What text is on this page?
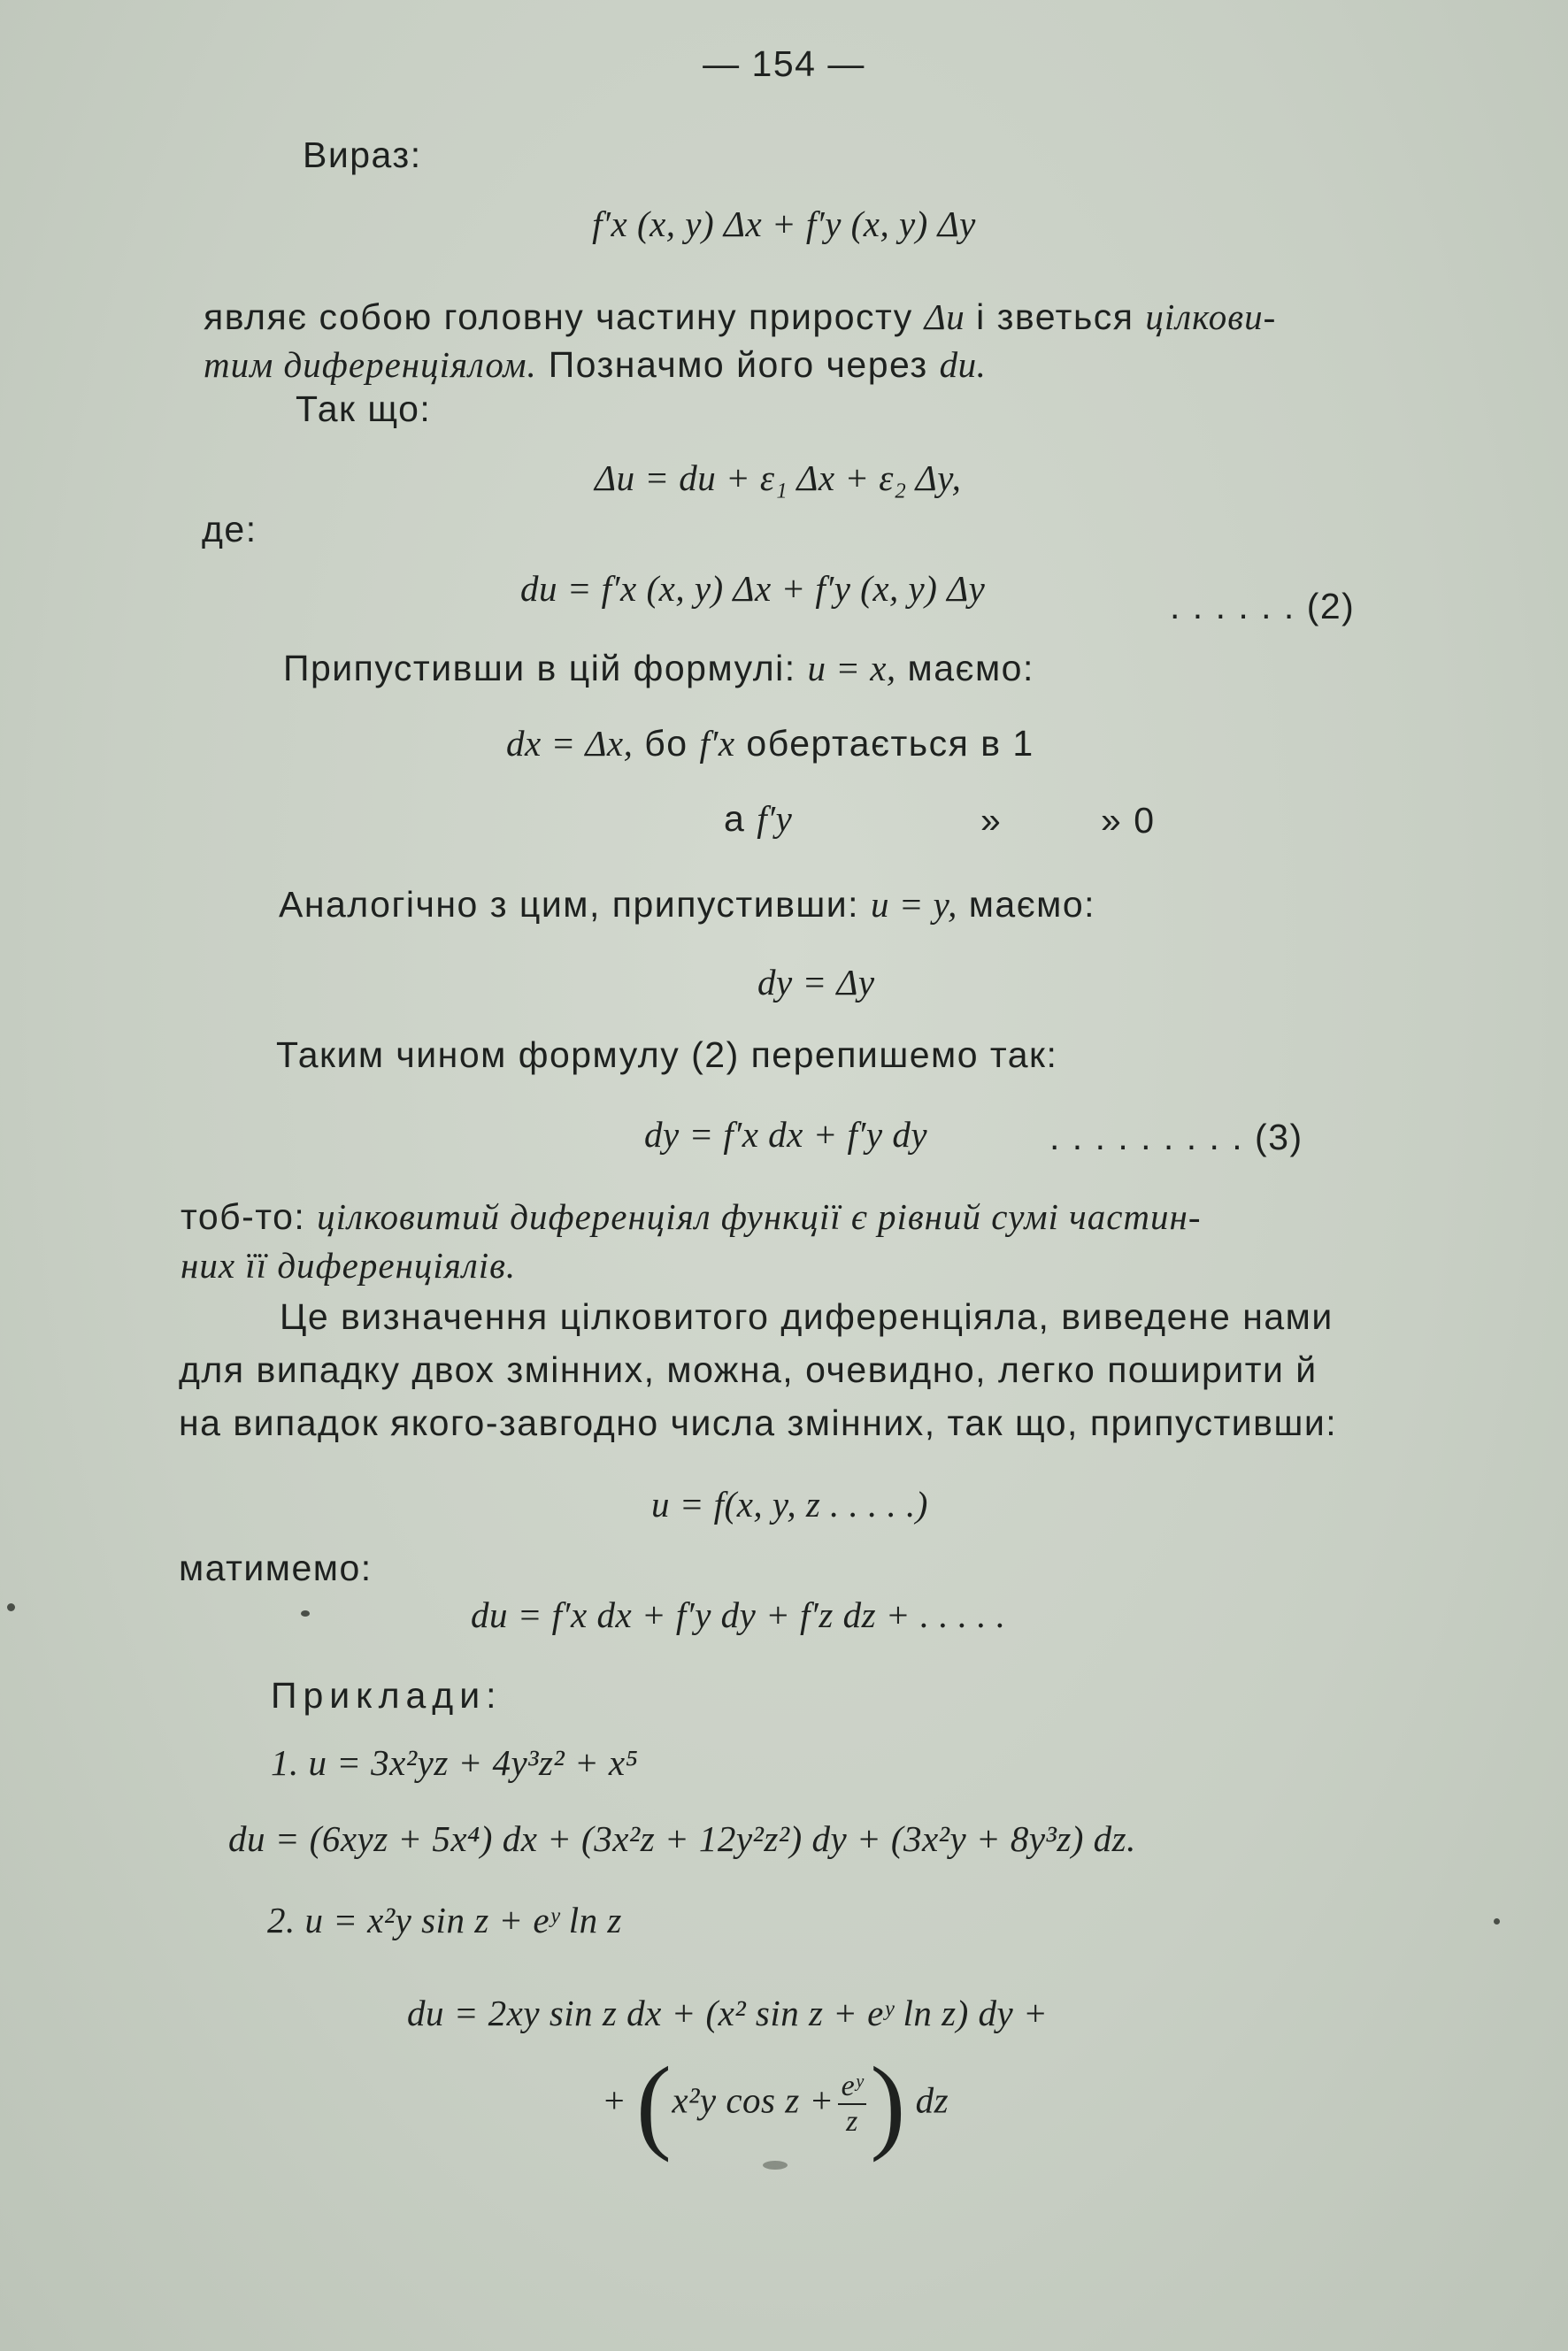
— 154 —
Вираз:
f′x (x, y) Δx + f′y (x, y) Δy
являє собою головну частину приросту Δu і зветься цілкови-
тим диференціялом. Позначмо його через du.
Так що:
Δu = du + ε₁ Δx + ε₂ Δy,
де:
du = f′x (x, y) Δx + f′y (x, y) Δy	. . . . . . (2)
Припустивши в цій формулі: u = x, маємо:
dx = Δx, бо f′x обертається в 1
а f′y	»	» 0
Аналогічно з цим, припустивши: u = y, маємо:
dy = Δy
Таким чином формулу (2) перепишемо так:
dy = f′x dx + f′y dy	. . . . . . . . . (3)
тоб-то: цілковитий диференціял функції є рівний сумі частин-
них її диференціялів.
Це визначення цілковитого диференціяла, виведене нами
для випадку двох змінних, можна, очевидно, легко поширити й
на випадок якого-завгодно числа змінних, так що, припустивши:
u = f(x, y, z . . . . .)
матимемо:
du = f′x dx + f′y dy + f′z dz + . . . . .
Приклади:
1. u = 3x²yz + 4y³z² + x⁵
du = (6xyz + 5x⁴) dx + (3x²z + 12y²z²) dy + (3x²y + 8y³z) dz.
2. u = x²y sin z + eʸ ln z
du = 2xy sin z dx + (x² sin z + eʸ ln z) dy +
+ (x²y $\cos z + \frac{\text{eʸ}}{z}$ ) dz
